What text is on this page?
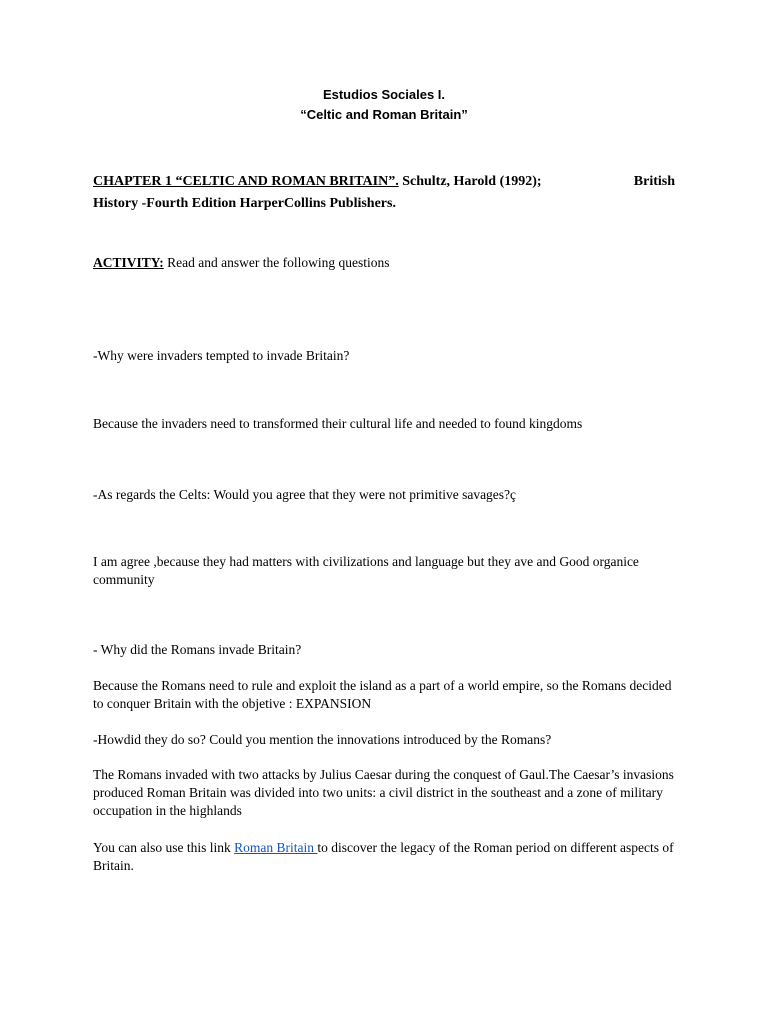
Estudios Sociales I.

“Celtic and Roman Britain”

CHAPTER 1 “CELTIC AND ROMAN BRITAIN”. Schultz, Harold (1992);	British
History -Fourth Edition HarperCollins Publishers.

ACTIVITY: Read and answer the following questions

-Why were invaders tempted to invade Britain?

Because the invaders need to transformed their cultural life and needed to found kingdoms

-As regards the Celts: Would you agree that they were not primitive savages?ç

I am agree ,because they had matters with civilizations and language but they ave and Good organice community

- Why did the Romans invade Britain?

Because the Romans need to rule and exploit the island as a part of a world empire, so the Romans decided to conquer Britain with the objetive : EXPANSION

-Howdid they do so? Could you mention the innovations introduced by the Romans?

The Romans invaded with two attacks by Julius Caesar during the conquest of Gaul.The Caesar’s invasions produced Roman Britain was divided into two units: a civil district in the southeast and a zone of military occupation in the highlands

You can also use this link Roman Britain to discover the legacy of the Roman period on different aspects of Britain.
